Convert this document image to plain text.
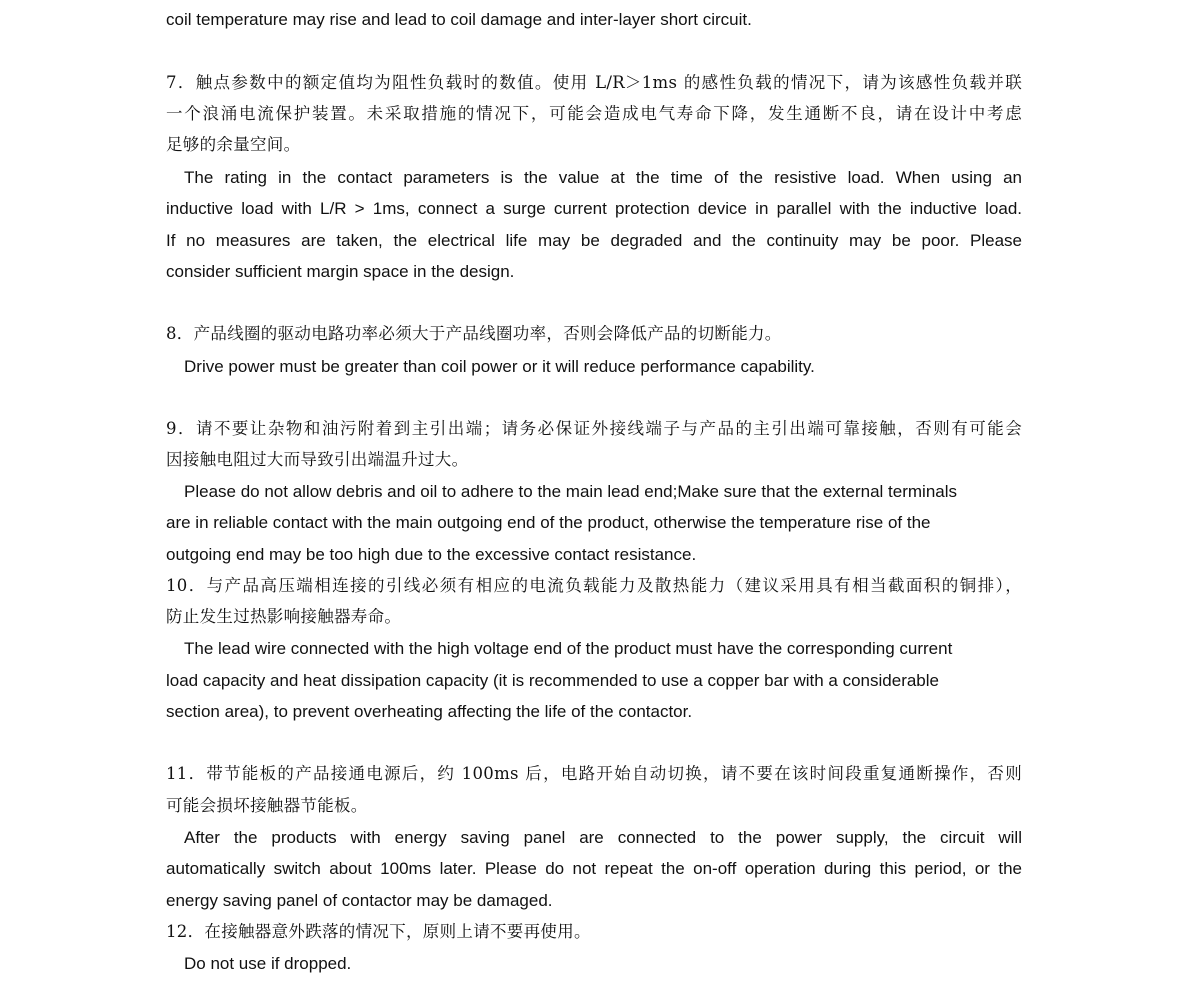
coil temperature may rise and lead to coil damage and inter-layer short circuit.
7．触点参数中的额定值均为阻性负载时的数值。使用 L/R＞1ms 的感性负载的情况下，请为该感性负载并联
一个浪涌电流保护装置。未采取措施的情况下，可能会造成电气寿命下降，发生通断不良，请在设计中考虑
足够的余量空间。
The rating in the contact parameters is the value at the time of the resistive load. When using an
inductive load with L/R > 1ms, connect a surge current protection device in parallel with the inductive load.
If no measures are taken, the electrical life may be degraded and the continuity may be poor. Please
consider sufficient margin space in the design.
8．产品线圈的驱动电路功率必须大于产品线圈功率，否则会降低产品的切断能力。
Drive power must be greater than coil power or it will reduce performance capability.
9．请不要让杂物和油污附着到主引出端；请务必保证外接线端子与产品的主引出端可靠接触，否则有可能会
因接触电阻过大而导致引出端温升过大。
Please do not allow debris and oil to adhere to the main lead end;Make sure that the external terminals
are in reliable contact with the main outgoing end of the product, otherwise the temperature rise of the
outgoing end may be too high due to the excessive contact resistance.
10．与产品高压端相连接的引线必须有相应的电流负载能力及散热能力（建议采用具有相当截面积的铜排），
防止发生过热影响接触器寿命。
The lead wire connected with the high voltage end of the product must have the corresponding current
load capacity and heat dissipation capacity (it is recommended to use a copper bar with a considerable
section area), to prevent overheating affecting the life of the contactor.
11．带节能板的产品接通电源后，约 100ms 后，电路开始自动切换，请不要在该时间段重复通断操作，否则
可能会损坏接触器节能板。
After the products with energy saving panel are connected to the power supply, the circuit will
automatically switch about 100ms later. Please do not repeat the on-off operation during this period, or the
energy saving panel of contactor may be damaged.
12．在接触器意外跌落的情况下，原则上请不要再使用。
Do not use if dropped.
